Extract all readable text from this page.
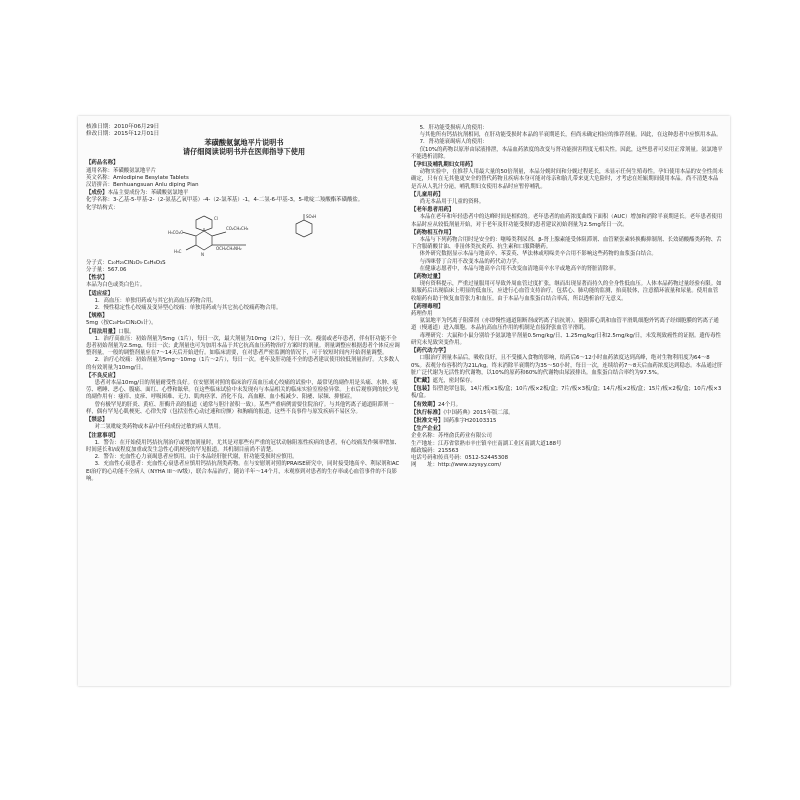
核准日期：2010年06月29日
修改日期：2015年12月01日
苯磺酸氨氯地平片说明书
请仔细阅读说明书并在医师指导下使用
【药品名称】

通用名称：苯磺酸氨氯地平片

英文名称：Amlodipine Besylate Tablets

汉语拼音：Benhuangsuan Anlu diping Pian

【成份】本品主要成份为：苯磺酸氨氯地平

化学名称：3-乙基-5-甲基-2-（2-氨基乙氧甲基）-4-（2-氯苯基）-1，4-二氢-6-甲基-3，5-吡啶二羧酸酯苯磺酸盐。

化学结构式：

Cl
H₃CO₂C
CO₂CH₂CH₃
H₃C
N
OCH₂CH₂NH₂
SO₃H

分子式：C₂₀H₂₅ClN₂O₅·C₆H₆O₃S

分子量：567.06

【性状】

本品为白色或类白色片。

【适应症】

1．高血压：单独用药或与其它抗高血压药物合用。

2．慢性稳定性心绞痛及变异型心绞痛：单独用药或与其它抗心绞痛药物合用。

【规格】

5mg（按C₂₀H₂₅ClN₂O₅计）。

【用法用量】口服。

1．治疗高血压：初始剂量为5mg（1片），每日一次，最大剂量为10mg（2片），每日一次。瘦弱或老年患者，伴有肝功能不全患者初始剂量为2.5mg，每日一次；此剂量也可为加用本品于其它抗高血压药物治疗方案时的剂量。剂量调整应根据患者个体反应调整剂量，一般的调整剂量应在7～14天后开始进行。如临床需要，在对患者严密监测的情况下，可于较短时间内开始剂量调整。

2．治疗心绞痛：初始剂量为5mg～10mg（1片～2片），每日一次。老年及肝功能不全的患者建议使用较低剂量治疗。大多数人的有效剂量为10mg/日。

【不良反应】

患者对本品10mg/日的剂量耐受性良好。在安慰剂对照的临床治疗高血压或心绞痛的试验中，最常见的副作用是头痛、水肿、疲劳、嗜睡、恶心、腹痛、面红、心悸和眩晕。在这些临床试验中未发现有与本品相关的临床实验室检验异常。上市后观察到的较少见的副作用有：瘙痒、皮疹、呼吸困难、无力、肌肉痉挛、消化不良、高血糖、血小板减少、阳痿、尿频、抑郁症。

曾有极罕见的肝炎、黄疸、肝酶升高的报道（通常与胆汁淤积一致）。某些严重病例需要住院治疗。与其他钙离子通道阻滞剂一样，偶有罕见心肌梗死、心律失常（包括室性心动过速和房颤）和胸痛的报道，这些不良事件与原发疾病不易区分。

【禁忌】

对二氢吡啶类药物或本品中任何成份过敏的病人禁用。

【注意事项】

1．警告：在开始使用钙拮抗剂治疗或增加剂量时，尤其是对那些有严重的冠状动脉阻塞性疾病的患者，有心绞痛发作频率增加、时间延长和/或程度加重或发生急性心肌梗死的罕见报道。其机制目前尚不清楚。

2．警告：充血性心力衰竭患者应慎用。由于本品经肝脏代谢，肝功能受损时应慎用。

3．充血性心衰患者：充血性心衰患者应慎用钙拮抗剂类药物。在与安慰剂对照的PRAISE研究中，同时接受地高辛、利尿剂和ACEI治疗的心功能不全病人（NYHA III～IV级），联合本品治疗，随访半年～14个月，未观察到对患者的生存率或心血管事件的不良影响。

5．肝功能受损病人的使用：

与其他所有钙拮抗剂相同，在肝功能受损时本品的半衰期延长，但尚未确定相应的推荐剂量。因此，在这种患者中应慎用本品。

7．肾功能衰竭病人的使用：

仅10%的药物以原形由尿液排泄，本品血药浓度的改变与肾功能损害程度无相关性。因此，这些患者可采用正常剂量。氨氯地平不能透析清除。

【孕妇及哺乳期妇女用药】

动物实验中，在推荐人用最大量的50倍剂量，本品分娩时间和分娩过程延长，未显示任何生殖毒性。孕妇使用本品的安全性尚未确定，只有在无其他更安全的替代药物且疾病本身可能对母亲和胎儿带来更大危险时，才考虑在妊娠期间使用本品。尚不清楚本品是否从人乳汁分泌，哺乳期妇女使用本品时应暂停哺乳。

【儿童用药】

尚无本品用于儿童的资料。

【老年患者用药】

本品在老年和年轻患者中的达峰时间是相似的。老年患者的血药浓度曲线下面积（AUC）增加和消除半衰期延长。老年患者使用本品时应从较低剂量开始，对于老年及肝功能受损的患者建议初始剂量为2.5mg每日一次。

【药物相互作用】

本品与下列药物合用时是安全的：噻嗪类利尿剂、β-肾上腺素能受体阻滞剂、血管紧张素转换酶抑制剂、长效硝酸酯类药物、舌下含服硝酸甘油、非甾体类抗炎药、抗生素和口服降糖药。

体外研究数据显示本品与地高辛、苯妥英、华法林或吲哚美辛合用不影响这些药物的血浆蛋白结合。

与西咪替丁合用不改变本品的药代动力学。

在健康志愿者中，本品与地高辛合用不改变血清地高辛水平或地高辛的肾脏清除率。

【药物过量】

现有资料提示，严重过量服用可导致外周血管过度扩张，继而出现显著而持久的全身性低血压。人体本品药物过量经验有限。如果服药后出现临床上明显的低血压，应进行心血管支持治疗，包括心、肺功能的监测，抬高肢体，注意循环液量和尿量。使用血管收缩药有助于恢复血管张力和血压。由于本品与血浆蛋白结合率高，所以透析治疗无意义。

【药理毒理】

药理作用

氨氯地平为钙离子阻滞剂（亦即慢性通道阻断剂或钙离子拮抗剂）。能阻滞心肌和血管平滑肌细胞外钙离子经细胞膜的钙离子通道（慢通道）进入细胞。本品抗高血压作用的机制是直接舒张血管平滑肌。

毒理研究：大鼠和小鼠分别给予氨氯地平剂量0.5mg/kg/日、1.25mg/kg/日和2.5mg/kg/日，未发现致癌性的证据。遗传毒性研究未见致突变作用。

【药代动力学】

口服治疗剂量本品后，吸收良好，且不受摄入食物的影响，给药后6～12小时血药浓度达到高峰，绝对生物利用度为64～80%。表观分布容积约为21L/kg。终末消除半衰期约为35～50小时，每日一次，连续给药7～8天后血药浓度达到稳态。本品通过肝脏广泛代谢为无活性的代谢物，以10%的原药和60%的代谢物由尿液排出。血浆蛋白结合率约为97.5%。

【贮藏】遮光，密封保存。
【包装】铝塑泡罩包装，14片/板×1板/盒；10片/板×2板/盒；7片/板×3板/盒；14片/板×2板/盒；15片/板×2板/盒；10片/板×3板/盒。
【有效期】24个月。
【执行标准】《中国药典》2015年版二部。
【批准文号】国药准字H20103315
【生产企业】

企业名称：苏州俞氏药业有限公司

生产地址：江苏省常熟市辛庄镇辛庄南湖工业区南湖大道188号

邮政编码：215563

电话号码和传真号码：0512-52445308

网　　址：http://www.szysyy.com/
